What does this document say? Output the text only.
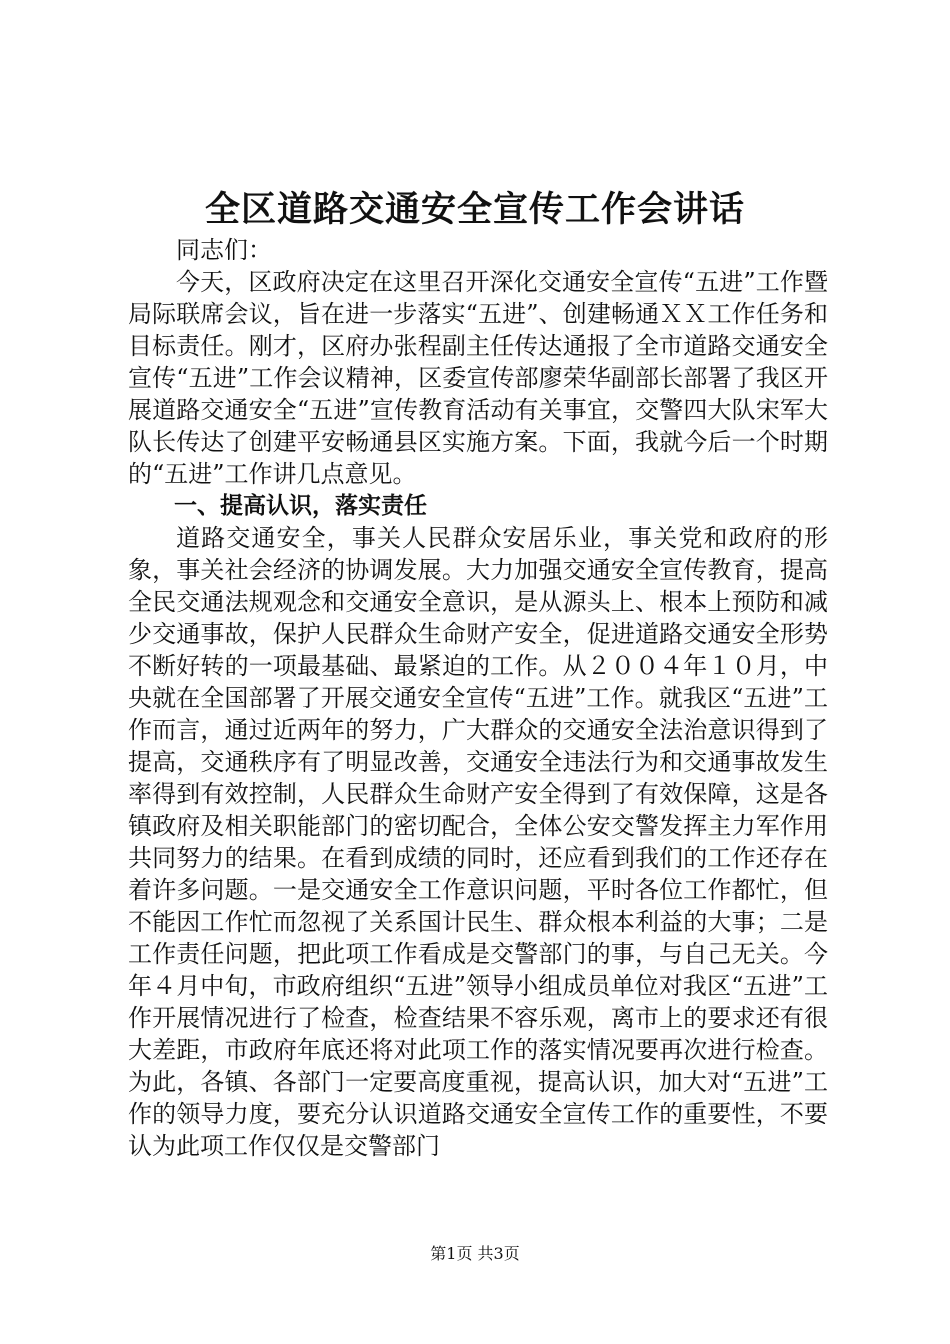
全区道路交通安全宣传工作会讲话

同志们：

今天，区政府决定在这里召开深化交通安全宣传“五进”工作暨局际联席会议，旨在进一步落实“五进”、创建畅通ＸＸ工作任务和目标责任。刚才，区府办张程副主任传达通报了全市道路交通安全宣传“五进”工作会议精神，区委宣传部廖荣华副部长部署了我区开展道路交通安全“五进”宣传教育活动有关事宜，交警四大队宋军大队长传达了创建平安畅通县区实施方案。下面，我就今后一个时期的“五进”工作讲几点意见。

一、提高认识，落实责任

道路交通安全，事关人民群众安居乐业，事关党和政府的形象，事关社会经济的协调发展。大力加强交通安全宣传教育，提高全民交通法规观念和交通安全意识，是从源头上、根本上预防和减少交通事故，保护人民群众生命财产安全，促进道路交通安全形势不断好转的一项最基础、最紧迫的工作。从２００４年１０月，中央就在全国部署了开展交通安全宣传“五进”工作。就我区“五进”工作而言，通过近两年的努力，广大群众的交通安全法治意识得到了提高，交通秩序有了明显改善，交通安全违法行为和交通事故发生率得到有效控制，人民群众生命财产安全得到了有效保障，这是各镇政府及相关职能部门的密切配合，全体公安交警发挥主力军作用共同努力的结果。在看到成绩的同时，还应看到我们的工作还存在着许多问题。一是交通安全工作意识问题，平时各位工作都忙，但不能因工作忙而忽视了关系国计民生、群众根本利益的大事；二是工作责任问题，把此项工作看成是交警部门的事，与自己无关。今年４月中旬，市政府组织“五进”领导小组成员单位对我区“五进”工作开展情况进行了检查，检查结果不容乐观，离市上的要求还有很大差距，市政府年底还将对此项工作的落实情况要再次进行检查。为此，各镇、各部门一定要高度重视，提高认识，加大对“五进”工作的领导力度，要充分认识道路交通安全宣传工作的重要性，不要认为此项工作仅仅是交警部门

第1页 共3页
